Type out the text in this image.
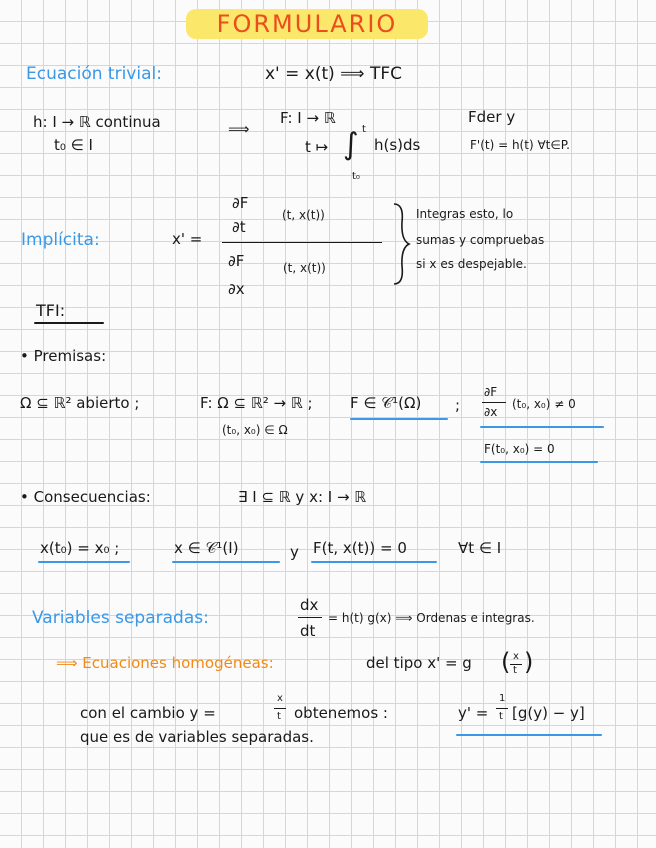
FORMULARIO
Ecuación trivial:	x' = x(t) ⟹ TFC
h: I → ℝ continua
t₀ ∈ I
⟹
F: I → ℝ
t ↦ ∫ t
t₀
h(s)ds
Fder y
F'(t) = h(t) ∀t∈P.
Implícita:	x' =
∂F
∂t
(t, x(t))
∂F
∂x
(t, x(t))
Integras esto, lo
sumas y compruebas
si x es despejable.
TFI:
• Premisas:
Ω ⊆ ℝ² abierto ;	F: Ω ⊆ ℝ² → ℝ ;
(t₀, x₀) ∈ Ω
F ∈ 𝒞¹(Ω) ;
∂F
∂x
(t₀, x₀) ≠ 0
F(t₀, x₀) = 0
• Consecuencias:	∃ I ⊆ ℝ y x: I → ℝ
x(t₀) = x₀ ;	x ∈ 𝒞¹(I)	y F(t, x(t)) = 0	∀t ∈ I
Variables separadas:
dx
dt
= h(t) g(x) ⟹ Ordenas e integras.
⟹ Ecuaciones homogéneas:	del tipo x' = g ( x
t )
con el cambio y =
x
t obtenemos :	y' =
1
t [g(y) − y]
que es de variables separadas.
